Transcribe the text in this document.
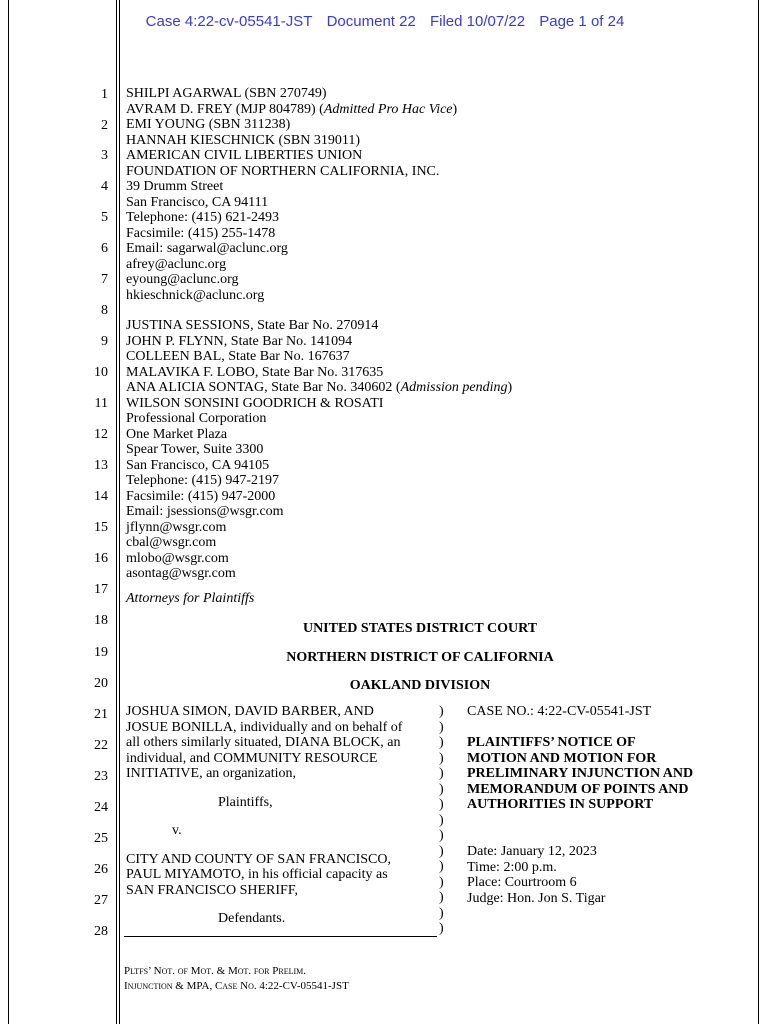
Case 4:22-cv-05541-JST Document 22 Filed 10/07/22 Page 1 of 24
1
2
3
4
5
6
7
8
9
10
11
12
13
14
15
16
17
18
19
20
21
22
23
24
25
26
27
28
SHILPI AGARWAL (SBN 270749)
AVRAM D. FREY (MJP 804789) (Admitted Pro Hac Vice)
EMI YOUNG (SBN 311238)
HANNAH KIESCHNICK (SBN 319011)
AMERICAN CIVIL LIBERTIES UNION
FOUNDATION OF NORTHERN CALIFORNIA, INC.
39 Drumm Street
San Francisco, CA 94111
Telephone: (415) 621-2493
Facsimile: (415) 255-1478
Email: sagarwal@aclunc.org
afrey@aclunc.org
eyoung@aclunc.org
hkieschnick@aclunc.org
JUSTINA SESSIONS, State Bar No. 270914
JOHN P. FLYNN, State Bar No. 141094
COLLEEN BAL, State Bar No. 167637
MALAVIKA F. LOBO, State Bar No. 317635
ANA ALICIA SONTAG, State Bar No. 340602 (Admission pending)
WILSON SONSINI GOODRICH & ROSATI
Professional Corporation
One Market Plaza
Spear Tower, Suite 3300
San Francisco, CA 94105
Telephone: (415) 947-2197
Facsimile: (415) 947-2000
Email: jsessions@wsgr.com
jflynn@wsgr.com
cbal@wsgr.com
mlobo@wsgr.com
asontag@wsgr.com
Attorneys for Plaintiffs
UNITED STATES DISTRICT COURT
NORTHERN DISTRICT OF CALIFORNIA
OAKLAND DIVISION
JOSHUA SIMON, DAVID BARBER, AND
JOSUE BONILLA, individually and on behalf of
all others similarly situated, DIANA BLOCK, an
individual, and COMMUNITY RESOURCE
INITIATIVE, an organization,
Plaintiffs,
v.
CITY AND COUNTY OF SAN FRANCISCO,
PAUL MIYAMOTO, in his official capacity as
SAN FRANCISCO SHERIFF,
Defendants.
)
)
)
)
)
)
)
)
)
)
)
)
)
)
)
CASE NO.: 4:22-CV-05541-JST
PLAINTIFFS’ NOTICE OF
MOTION AND MOTION FOR
PRELIMINARY INJUNCTION AND
MEMORANDUM OF POINTS AND
AUTHORITIES IN SUPPORT
Date: January 12, 2023
Time: 2:00 p.m.
Place: Courtroom 6
Judge: Hon. Jon S. Tigar
Pltfs’ Not. of Mot. & Mot. for Prelim.
Injunction & MPA, Case No. 4:22-CV-05541-JST
